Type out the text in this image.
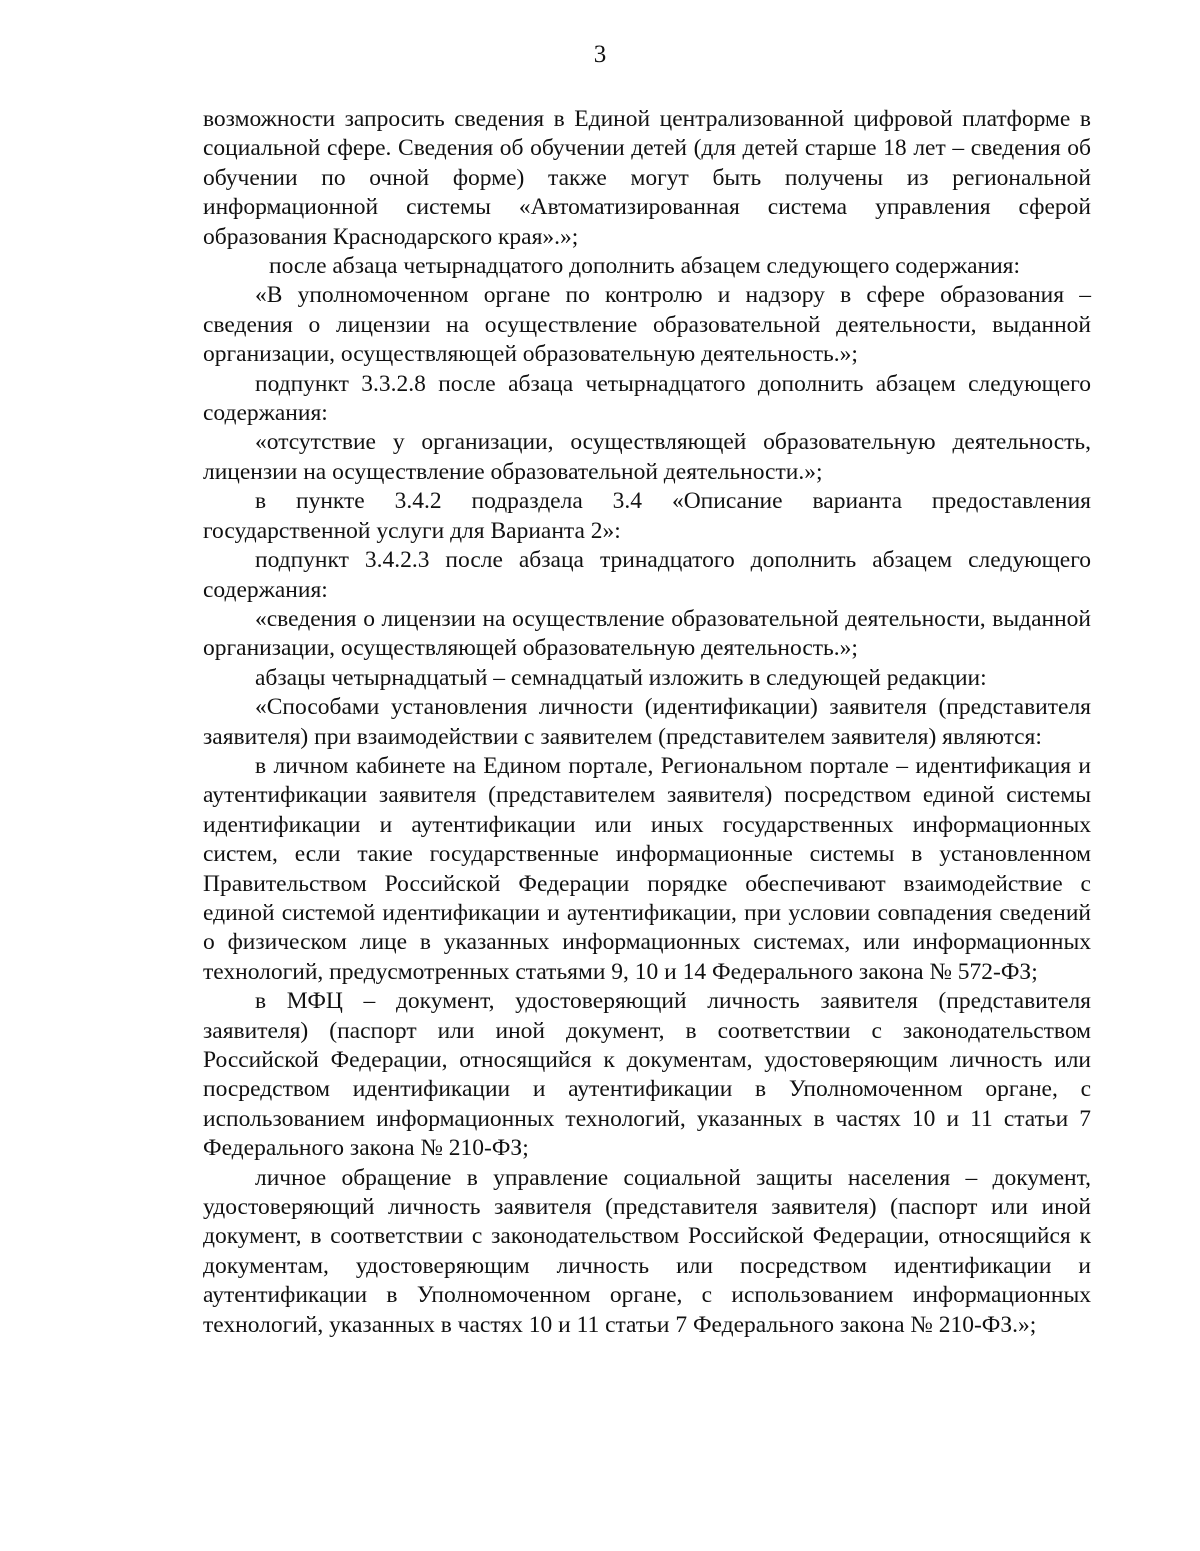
3

возможности запросить сведения в Единой централизованной цифровой платформе в социальной сфере. Сведения об обучении детей (для детей старше 18 лет – сведения об обучении по очной форме) также могут быть получены из региональной информационной системы «Автоматизированная система управления сферой образования Краснодарского края».»;

после абзаца четырнадцатого дополнить абзацем следующего содержания:

«В уполномоченном органе по контролю и надзору в сфере образования – сведения о лицензии на осуществление образовательной деятельности, выданной организации, осуществляющей образовательную деятельность.»;

подпункт 3.3.2.8 после абзаца четырнадцатого дополнить абзацем следующего содержания:

«отсутствие у организации, осуществляющей образовательную деятельность, лицензии на осуществление образовательной деятельности.»;

в пункте 3.4.2 подраздела 3.4 «Описание варианта предоставления государственной услуги для Варианта 2»:

подпункт 3.4.2.3 после абзаца тринадцатого дополнить абзацем следующего содержания:

«сведения о лицензии на осуществление образовательной деятельности, выданной организации, осуществляющей образовательную деятельность.»;

абзацы четырнадцатый – семнадцатый изложить в следующей редакции:

«Способами установления личности (идентификации) заявителя (представителя заявителя) при взаимодействии с заявителем (представителем заявителя) являются:

в личном кабинете на Едином портале, Региональном портале – идентификация и аутентификации заявителя (представителем заявителя) посредством единой системы идентификации и аутентификации или иных государственных информационных систем, если такие государственные информационные системы в установленном Правительством Российской Федерации порядке обеспечивают взаимодействие с единой системой идентификации и аутентификации, при условии совпадения сведений о физическом лице в указанных информационных системах, или информационных технологий, предусмотренных статьями 9, 10 и 14 Федерального закона № 572-ФЗ;

в МФЦ – документ, удостоверяющий личность заявителя (представителя заявителя) (паспорт или иной документ, в соответствии с законодательством Российской Федерации, относящийся к документам, удостоверяющим личность или посредством идентификации и аутентификации в Уполномоченном органе, с использованием информационных технологий, указанных в частях 10 и 11 статьи 7 Федерального закона № 210-ФЗ;

личное обращение в управление социальной защиты населения – документ, удостоверяющий личность заявителя (представителя заявителя) (паспорт или иной документ, в соответствии с законодательством Российской Федерации, относящийся к документам, удостоверяющим личность или посредством идентификации и аутентификации в Уполномоченном органе, с использованием информационных технологий, указанных в частях 10 и 11 статьи 7 Федерального закона № 210-ФЗ.»;
